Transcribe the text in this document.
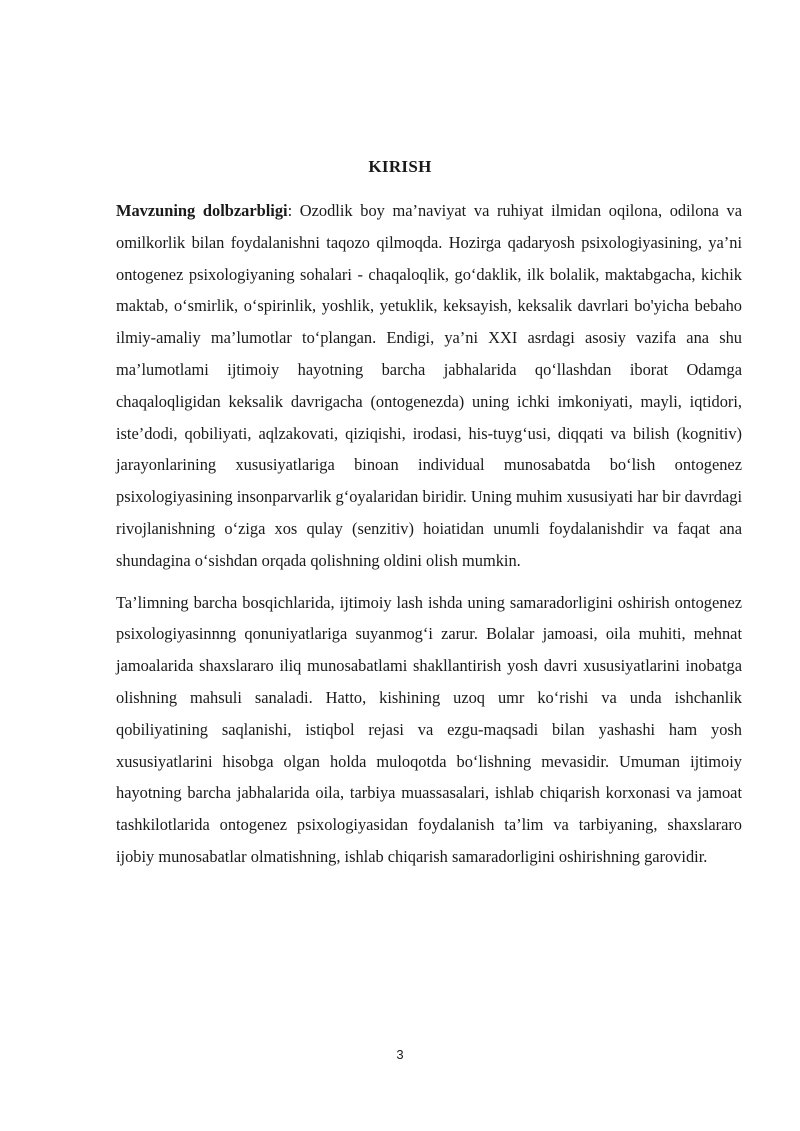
KIRISH

Mavzuning dolbzarbligi: Ozodlik boy ma’naviyat va ruhiyat ilmidan oqilona, odilona va omilkorlik bilan foydalanishni taqozo qilmoqda. Hozirga qadaryosh psixologiyasining, ya’ni ontogenez psixologiyaning sohalari - chaqaloqlik, go‘daklik, ilk bolalik, maktabgacha, kichik maktab, o‘smirlik, o‘spirinlik, yoshlik, yetuklik, keksayish, keksalik davrlari bo'yicha bebaho ilmiy-amaliy ma’lumotlar to‘plangan. Endigi, ya’ni XXI asrdagi asosiy vazifa ana shu ma’lumotlami ijtimoiy hayotning barcha jabhalarida qo‘llashdan iborat Odamga chaqaloqligidan keksalik davrigacha (ontogenezda) uning ichki imkoniyati, mayli, iqtidori, iste’dodi, qobiliyati, aqlzakovati, qiziqishi, irodasi, his-tuyg‘usi, diqqati va bilish (kognitiv) jarayonlarining xususiyatlariga binoan individual munosabatda bo‘lish ontogenez psixologiyasining insonparvarlik g‘oyalaridan biridir. Uning muhim xususiyati har bir davrdagi rivojlanishning o‘ziga xos qulay (senzitiv) hoiatidan unumli foydalanishdir va faqat ana shundagina o‘sishdan orqada qolishning oldini olish mumkin.

Ta’limning barcha bosqichlarida, ijtimoiy lash ishda uning samaradorligini oshirish ontogenez psixologiyasinnng qonuniyatlariga suyanmog‘i zarur. Bolalar jamoasi, oila muhiti, mehnat jamoalarida shaxslararo iliq munosabatlami shakllantirish yosh davri xususiyatlarini inobatga olishning mahsuli sanaladi. Hatto, kishining uzoq umr ko‘rishi va unda ishchanlik qobiliyatining saqlanishi, istiqbol rejasi va ezgu-maqsadi bilan yashashi ham yosh xususiyatlarini hisobga olgan holda muloqotda bo‘lishning mevasidir. Umuman ijtimoiy hayotning barcha jabhalarida oila, tarbiya muassasalari, ishlab chiqarish korxonasi va jamoat tashkilotlarida ontogenez psixologiyasidan foydalanish ta’lim va tarbiyaning, shaxslararo ijobiy munosabatlar olmatishning, ishlab chiqarish samaradorligini oshirishning garovidir.

3
